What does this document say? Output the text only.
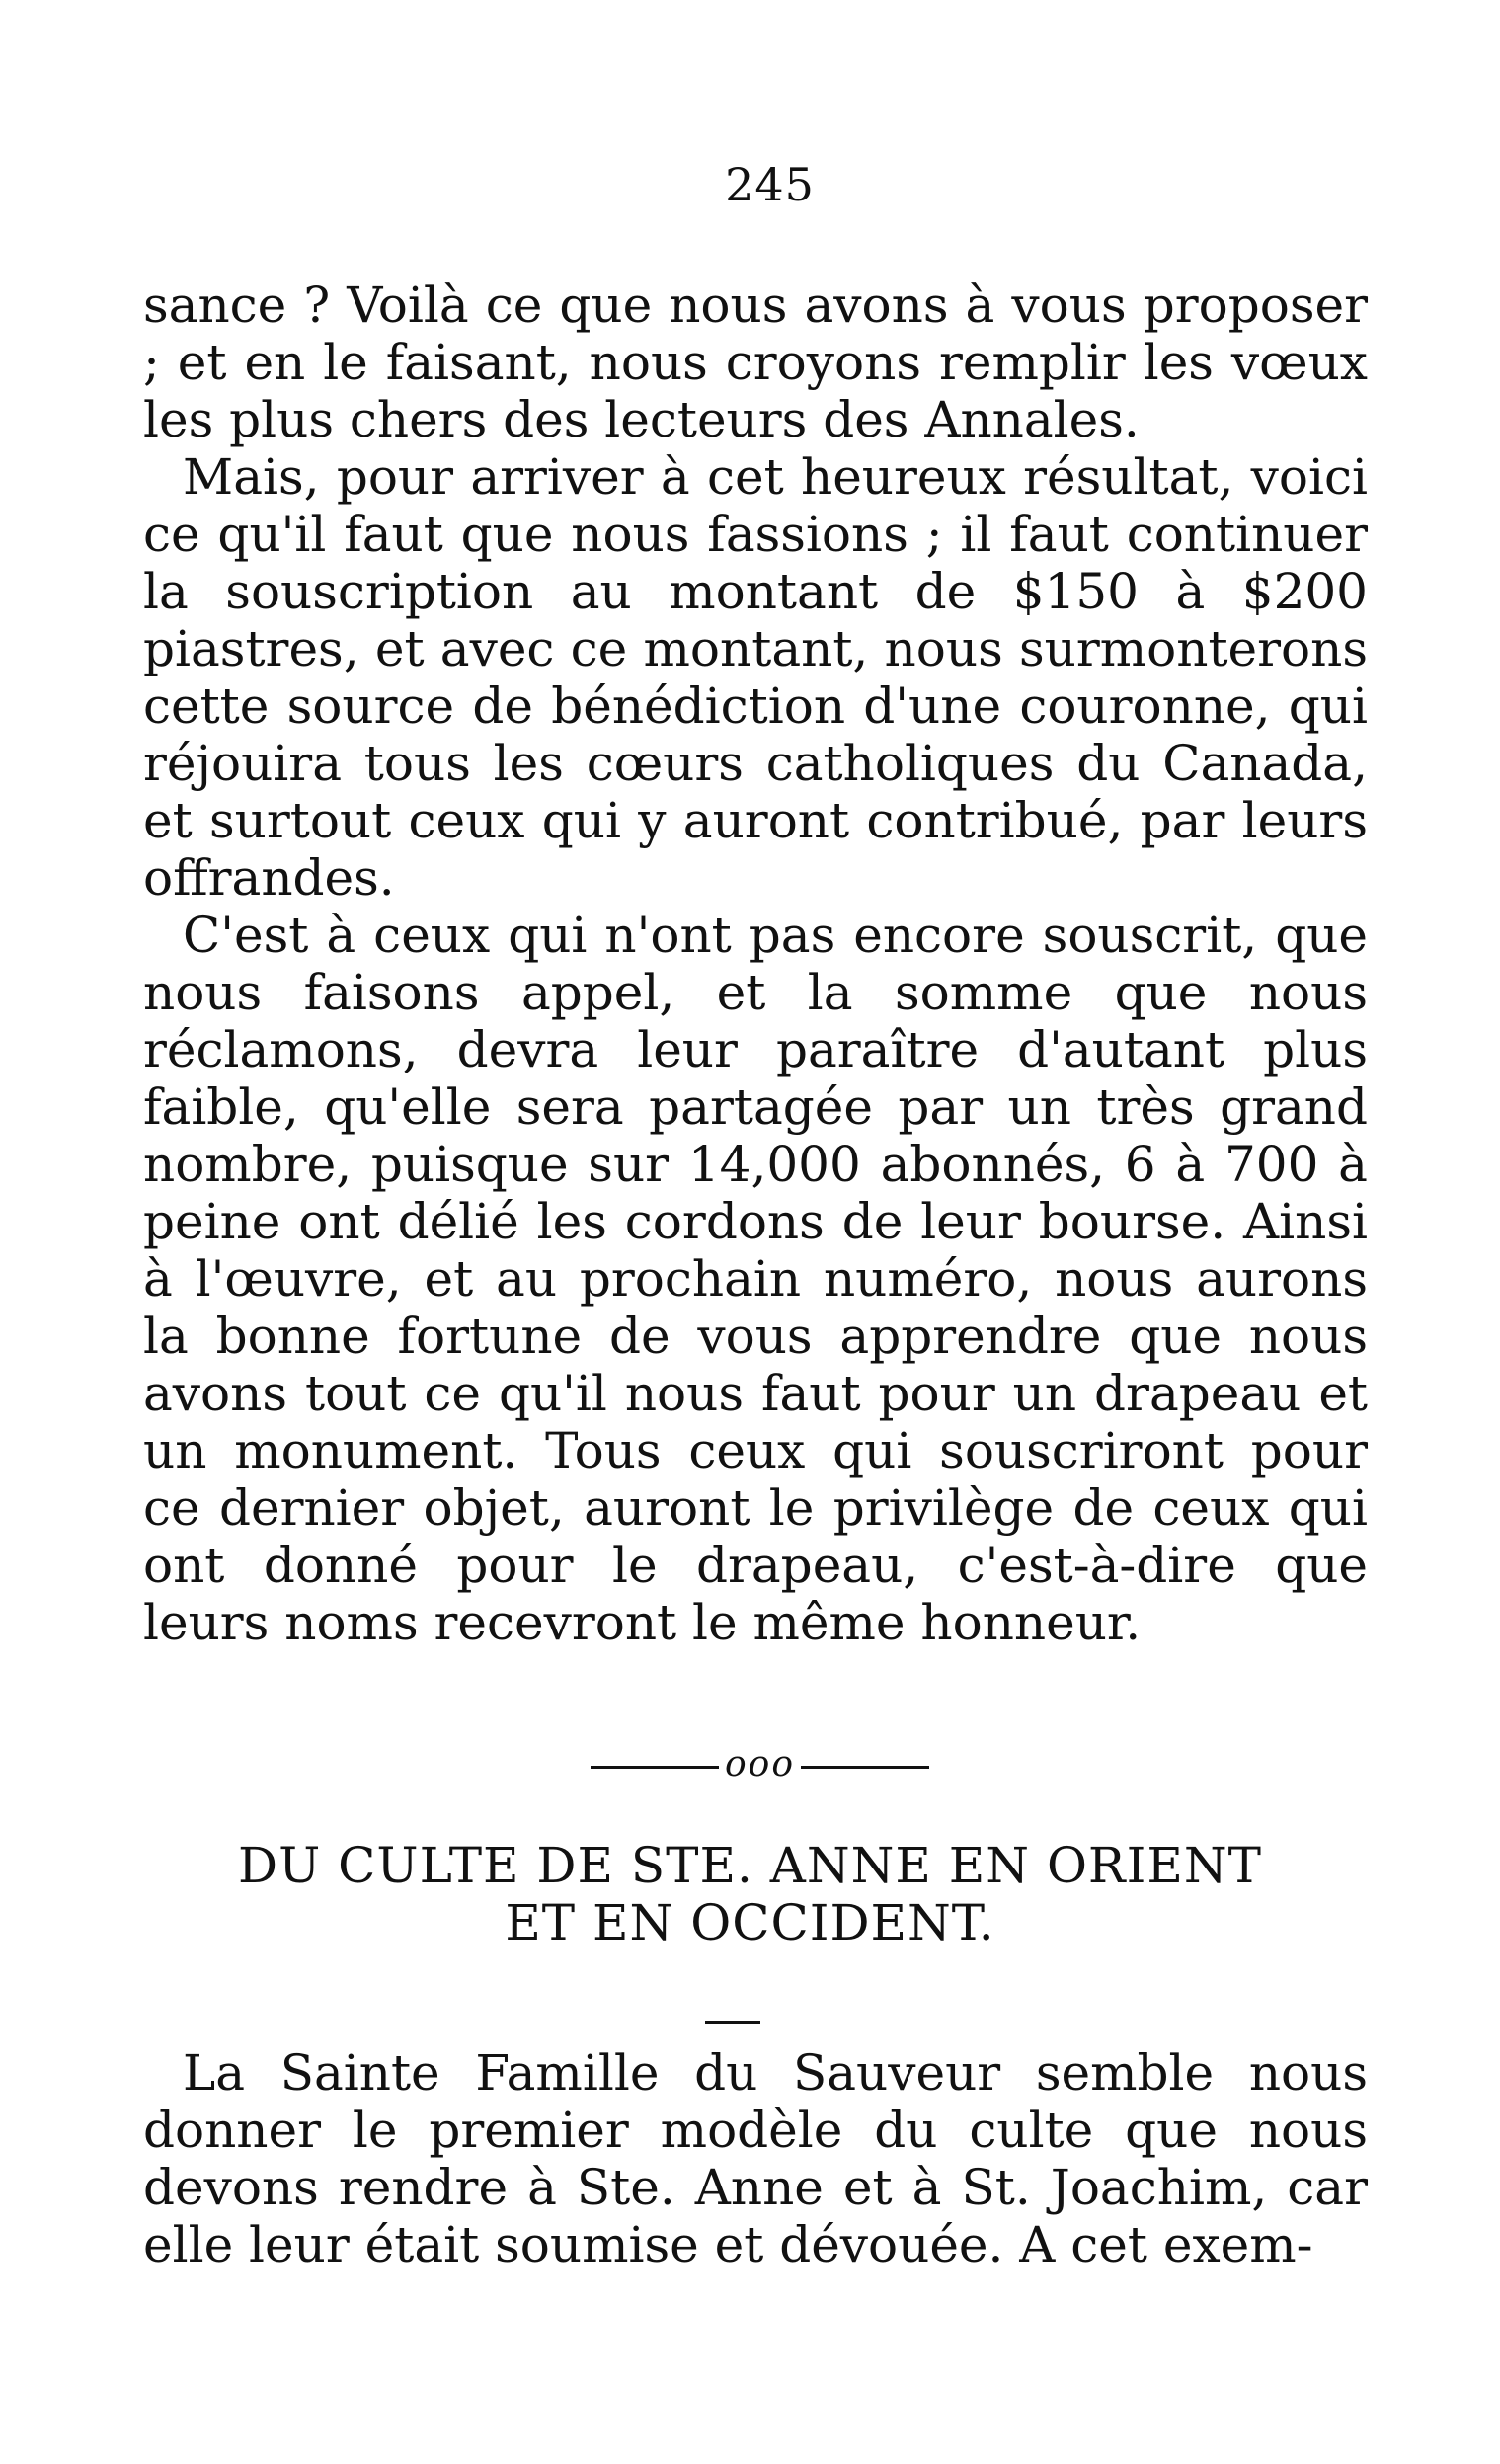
245

sance ? Voilà ce que nous avons à vous proposer ; et en le faisant, nous croyons remplir les vœux les plus chers des lecteurs des Annales.

Mais, pour arriver à cet heureux résultat, voici ce qu'il faut que nous fassions ; il faut continuer la souscription au montant de $150 à $200 piastres, et avec ce montant, nous surmonterons cette source de bénédiction d'une couronne, qui réjouira tous les cœurs catholiques du Canada, et surtout ceux qui y auront contribué, par leurs offrandes.

C'est à ceux qui n'ont pas encore souscrit, que nous faisons appel, et la somme que nous réclamons, devra leur paraître d'autant plus faible, qu'elle sera partagée par un très grand nombre, puisque sur 14,000 abonnés, 6 à 700 à peine ont délié les cordons de leur bourse. Ainsi à l'œuvre, et au prochain numéro, nous aurons la bonne fortune de vous apprendre que nous avons tout ce qu'il nous faut pour un drapeau et un monument. Tous ceux qui souscriront pour ce dernier objet, auront le privilège de ceux qui ont donné pour le drapeau, c'est-à-dire que leurs noms recevront le même honneur.

ooo
DU CULTE DE STE. ANNE EN ORIENT
ET EN OCCIDENT.

La Sainte Famille du Sauveur semble nous donner le premier modèle du culte que nous devons rendre à Ste. Anne et à St. Joachim, car elle leur était soumise et dévouée. A cet exem-
